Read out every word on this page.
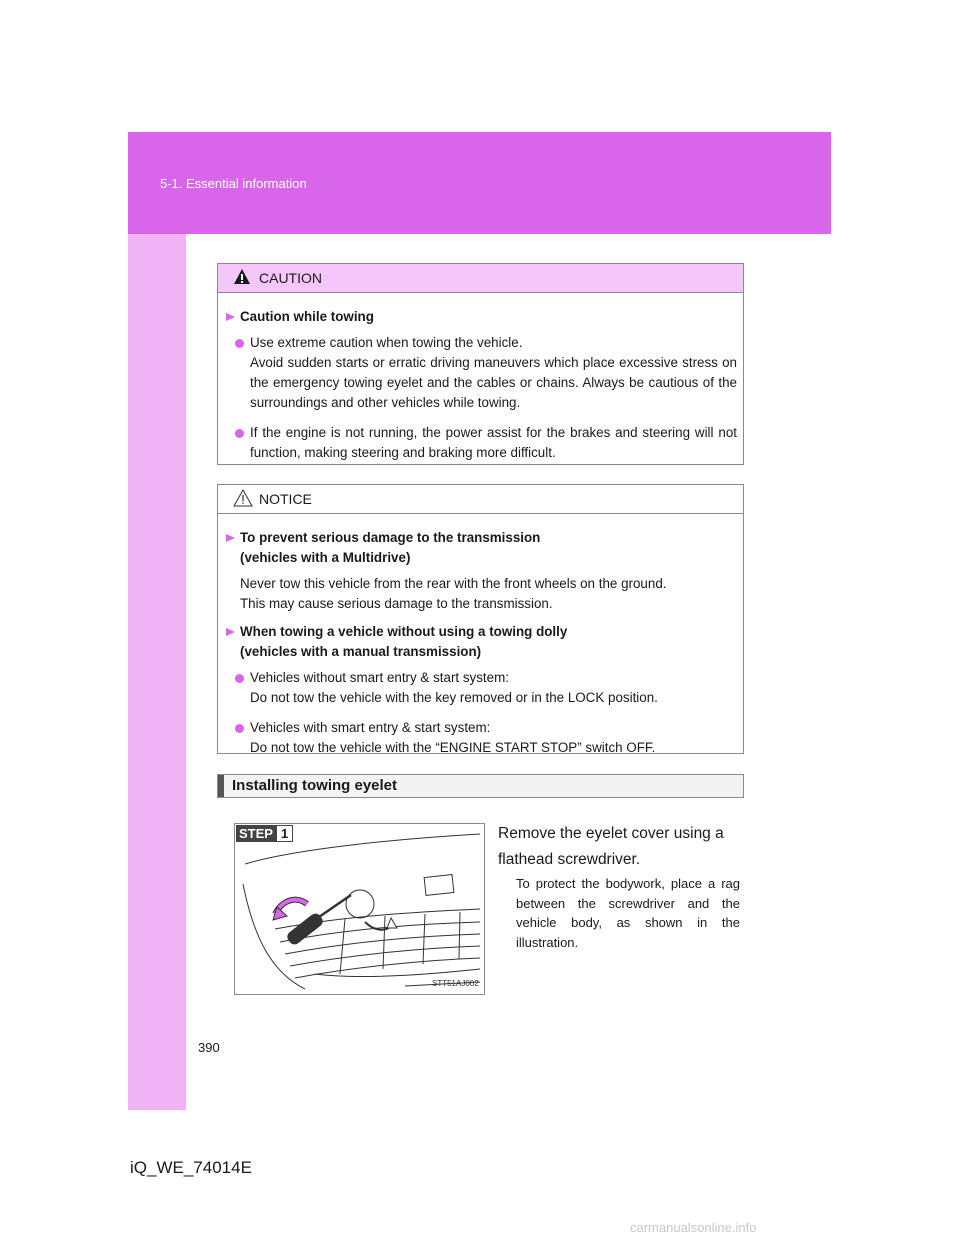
5-1. Essential information
CAUTION
Caution while towing
Use extreme caution when towing the vehicle.
Avoid sudden starts or erratic driving maneuvers which place excessive stress on the emergency towing eyelet and the cables or chains. Always be cautious of the surroundings and other vehicles while towing.
If the engine is not running, the power assist for the brakes and steering will not function, making steering and braking more difficult.
NOTICE
To prevent serious damage to the transmission
(vehicles with a Multidrive)
Never tow this vehicle from the rear with the front wheels on the ground.
This may cause serious damage to the transmission.
When towing a vehicle without using a towing dolly
(vehicles with a manual transmission)
Vehicles without smart entry & start system:
Do not tow the vehicle with the key removed or in the LOCK position.
Vehicles with smart entry & start system:
Do not tow the vehicle with the “ENGINE START STOP” switch OFF.
Installing towing eyelet
STEP 1
STT51AJ002
Remove the eyelet cover using a flathead screwdriver.
To protect the bodywork, place a rag between the screwdriver and the vehicle body, as shown in the illustration.
390
iQ_WE_74014E
carmanualsonline.info
